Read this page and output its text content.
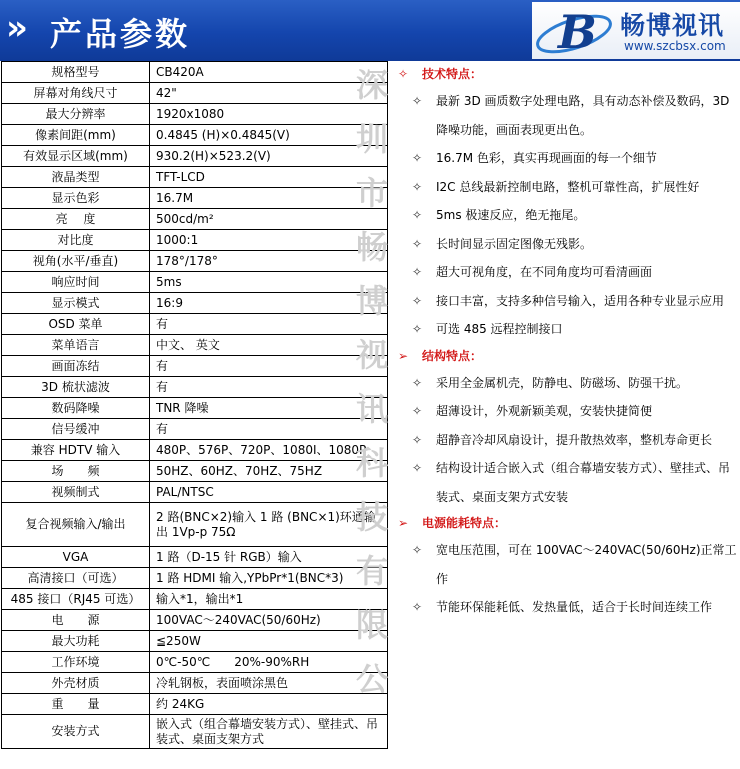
» 产品参数	B 畅博视讯
www.szcbsx.com
规格型号	CB420A
屏幕对角线尺寸	42"
最大分辨率	1920x1080
像素间距(mm)	0.4845 (H)×0.4845(V)
有效显示区域(mm)	930.2(H)×523.2(V)
液晶类型	TFT-LCD
显示色彩	16.7M
亮　 度	500cd/m²
对比度	1000:1
视角(水平/垂直)	178°/178°
响应时间	5ms
显示模式	16:9
OSD 菜单	有
菜单语言	中文、 英文
画面冻结	有
3D 梳状滤波	有
数码降噪	TNR 降噪
信号缓冲	有
兼容 HDTV 输入	480P、576P、720P、1080I、1080P
场　　频	50HZ、60HZ、70HZ、75HZ
视频制式	PAL/NTSC
复合视频输入/输出	2 路(BNC×2)输入 1 路 (BNC×1)环通输出 1Vp-p 75Ω
VGA	1 路（D-15 针 RGB）输入
高清接口（可选）	1 路 HDMI 输入,YPbPr*1(BNC*3)
485 接口（RJ45 可选）	输入*1，输出*1
电　　源	100VAC～240VAC(50/60Hz)
最大功耗	≦250W
工作环境	0℃-50℃　　20%-90%RH
外壳材质	冷轧钢板，表面喷涂黑色
重　　量	约 24KG
安装方式	嵌入式（组合幕墙安装方式）、壁挂式、吊装式、桌面支架方式
深
圳
市
畅
博
视
讯
科
技
有
限
公
✧ 技术特点：
✧ 最新 3D 画质数字处理电路，具有动态补偿及数码，3D 降噪功能，画面表现更出色。
✧ 16.7M 色彩，真实再现画面的每一个细节
✧ I2C 总线最新控制电路，整机可靠性高，扩展性好
✧ 5ms 极速反应，绝无拖尾。
✧ 长时间显示固定图像无残影。
✧ 超大可视角度，在不同角度均可看清画面
✧ 接口丰富，支持多种信号输入，适用各种专业显示应用
✧ 可选 485 远程控制接口
➢ 结构特点：
✧ 采用全金属机壳，防静电、防磁场、防强干扰。
✧ 超薄设计，外观新颖美观，安装快捷简便
✧ 超静音冷却风扇设计，提升散热效率，整机寿命更长
✧ 结构设计适合嵌入式（组合幕墙安装方式）、壁挂式、吊装式、桌面支架方式安装
➢ 电源能耗特点：
✧ 宽电压范围，可在 100VAC～240VAC(50/60Hz)正常工作
✧ 节能环保能耗低、发热量低，适合于长时间连续工作
